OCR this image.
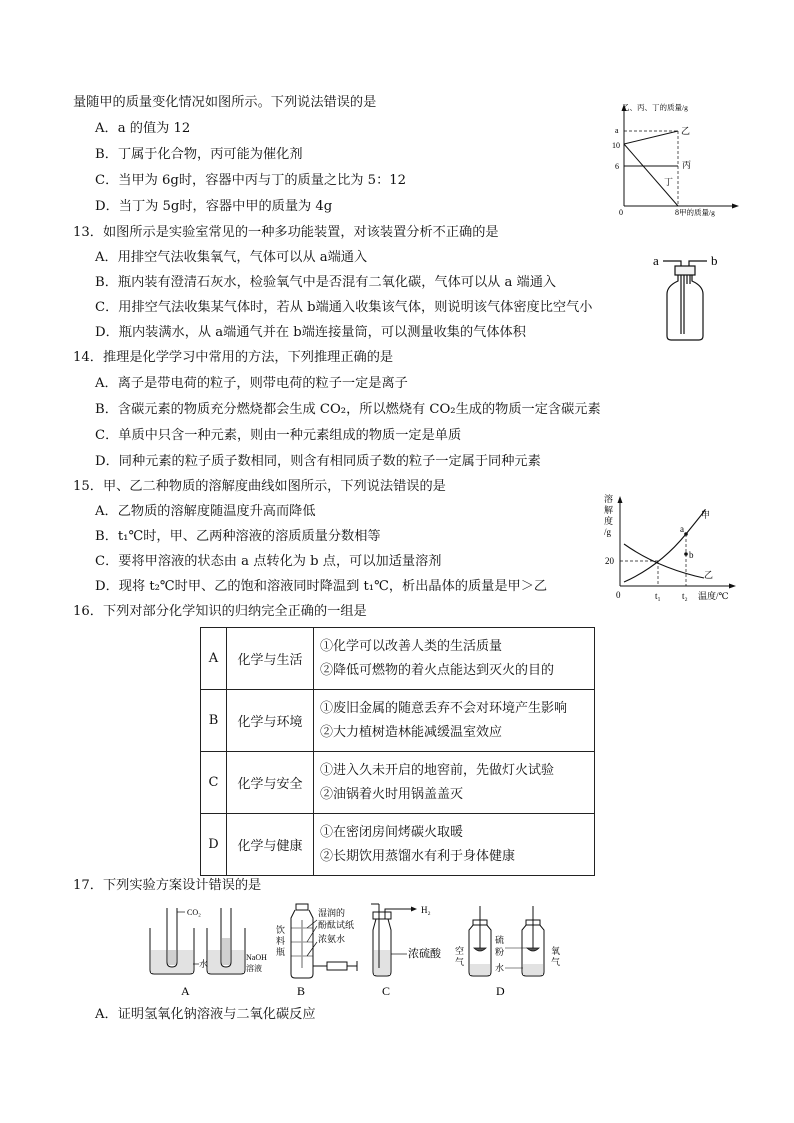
量随甲的质量变化情况如图所示。下列说法错误的是
A．a 的值为 12
B．丁属于化合物，丙可能为催化剂
C．当甲为 6g时，容器中丙与丁的质量之比为 5：12
D．当丁为 5g时，容器中甲的质量为 4g
乙、丙、丁的质量/g
甲的质量/g
a
10
6
0	8
乙
丙
丁
13．如图所示是实验室常见的一种多功能装置，对该装置分析不正确的是
A．用排空气法收集氧气，气体可以从 a端通入
B．瓶内装有澄清石灰水，检验氧气中是否混有二氧化碳，气体可以从 a 端通入
C．用排空气法收集某气体时，若从 b端通入收集该气体，则说明该气体密度比空气小
D．瓶内装满水，从 a端通气并在 b端连接量筒，可以测量收集的气体体积
a	b
14．推理是化学学习中常用的方法，下列推理正确的是
A．离子是带电荷的粒子，则带电荷的粒子一定是离子
B．含碳元素的物质充分燃烧都会生成 CO₂，所以燃烧有 CO₂生成的物质一定含碳元素
C．单质中只含一种元素，则由一种元素组成的物质一定是单质
D．同种元素的粒子质子数相同，则含有相同质子数的粒子一定属于同种元素
15．甲、乙二种物质的溶解度曲线如图所示，下列说法错误的是
A．乙物质的溶解度随温度升高而降低
B．t₁℃时，甲、乙两种溶液的溶质质量分数相等
C．要将甲溶液的状态由 a 点转化为 b 点，可以加适量溶剂
D．现将 t₂℃时甲、乙的饱和溶液同时降温到 t₁℃，析出晶体的质量是甲＞乙
溶解度/g
0	t₁ t₂ 温度/℃
20
甲
乙
a
b
16．下列对部分化学知识的归纳完全正确的一组是
A	化学与生活	①化学可以改善人类的生活质量
②降低可燃物的着火点能达到灭火的目的

B	化学与环境	①废旧金属的随意丢弃不会对环境产生影响
②大力植树造林能减缓温室效应

C	化学与安全	①进入久未开启的地窖前，先做灯火试验
②油锅着火时用锅盖盖灭

D	化学与健康	①在密闭房间烤碳火取暖
②长期饮用蒸馏水有利于身体健康
17．下列实验方案设计错误的是
CO₂
水
NaOH
溶液
饮
料
瓶
湿润的
酚酞试纸
浓氨水
H₂
浓硫酸 空
气
硫
粉
水
氧
气
A	B	C	D
A．证明氢氧化钠溶液与二氧化碳反应
